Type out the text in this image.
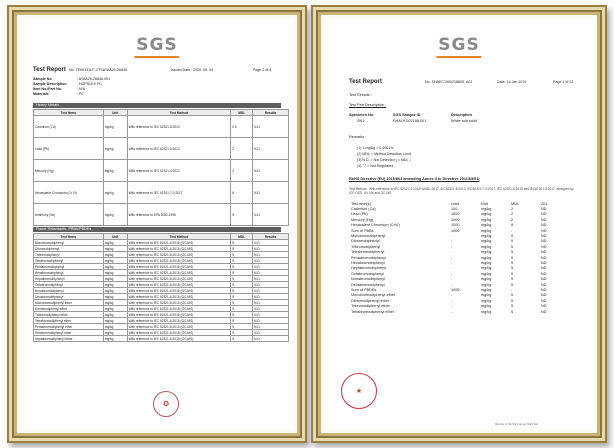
SGS
Test Report No. FE60131LF-CTSAYAA20-26846	Issued Date : 2020. 05. 04	Page 2 of 8
Sample No.	: AYAA20-26846.001
Sample Description	: HOPSLEX PC
Item No./Part No.	: N/A
Materials	: PC
Heavy Metals
Test Items	Unit	Test Method	MDL	Results
Cadmium (Cd)	mg/kg	With reference to IEC 62321-5:2013	0.5	N.D.
Lead (Pb)	mg/kg	With reference to IEC 62321-5:2013	2	N.D.
Mercury (Hg)	mg/kg	With reference to IEC 62321-4:2013	2	N.D.
Hexavalent Chromium (Cr VI)	mg/kg	With reference to IEC 62321-7-2:2017	8	N.D.
Antimony (Sb)	mg/kg	With reference to EPA 3052:1996	5	N.D.
Flame Retardants- PBBs/PBDEs
Test Items	Unit	Test Method	MDL	Results
Monobromobiphenyl	mg/kg	With reference to IEC 62321-6:2015 (GC-MS)	5	N.D.
Dibromobiphenyl	mg/kg	With reference to IEC 62321-6:2015 (GC-MS)	5	N.D.
Tribromobiphenyl	mg/kg	With reference to IEC 62321-6:2015 (GC-MS)	5	N.D.
Tetrabromobiphenyl	mg/kg	With reference to IEC 62321-6:2015 (GC-MS)	5	N.D.
Pentabromobiphenyl	mg/kg	With reference to IEC 62321-6:2015 (GC-MS)	5	N.D.
Hexabromobiphenyl	mg/kg	With reference to IEC 62321-6:2015 (GC-MS)	5	N.D.
Heptabromobiphenyl	mg/kg	With reference to IEC 62321-6:2015 (GC-MS)	5	N.D.
Octabromobiphenyl	mg/kg	With reference to IEC 62321-6:2015 (GC-MS)	5	N.D.
Nonabromobiphenyl	mg/kg	With reference to IEC 62321-6:2015 (GC-MS)	5	N.D.
Decabromobiphenyl	mg/kg	With reference to IEC 62321-6:2015 (GC-MS)	5	N.D.
Monobromodiphenyl ether	mg/kg	With reference to IEC 62321-6:2015 (GC-MS)	5	N.D.
Dibromodiphenyl ether	mg/kg	With reference to IEC 62321-6:2015 (GC-MS)	5	N.D.
Tribromodiphenyl ether	mg/kg	With reference to IEC 62321-6:2015 (GC-MS)	5	N.D.
Tetrabromodiphenyl ether	mg/kg	With reference to IEC 62321-6:2015 (GC-MS)	5	N.D.
Pentabromodiphenyl ether	mg/kg	With reference to IEC 62321-6:2015 (GC-MS)	5	N.D.
Hexabromodiphenyl ether	mg/kg	With reference to IEC 62321-6:2015 (GC-MS)	5	N.D.
Heptabromodiphenyl ether	mg/kg	With reference to IEC 62321-6:2015 (GC-MS)	5	N.D.
✪
SGS
Test Report	No. SHAEC1900218805 .A01	Date: 14 Jan 2019	Page 2 of 22
Test Results :
Test Part Description :
Specimen No.	SGS Sample ID	Description
SN1	SHA19-002188.001	White soft solid
Remarks :
(1) 1 mg/kg = 0.0001%
(2) MDL = Method Detection Limit
(3) N.D. = Not Detected ( < MDL )
(4) "-" = Not Regulated
RoHS Directive (EU) 2015/863 amending Annex II to Directive 2011/65/EU
Test Method : With reference to IEC 62321-4:2013+AMD1:2017, IEC62321-5:2013, IEC62321-7-2:2017, IEC 62321-6:2015 and IEC62321-8:2017, analyzed by ICP-OES, UV-Vis and GC-MS.
Test Item(s)	Limit	Unit	MDL	201
Cadmium (Cd)	100	mg/kg	2	ND
Lead (Pb)	1000	mg/kg	2	ND
Mercury (Hg)	1000	mg/kg	2	ND
Hexavalent Chromium (CrVI)	1000	mg/kg	8	ND
Sum of PBBs	1000	mg/kg	-	ND
Monobromobiphenyl	-	mg/kg	5	ND
Dibromobiphenyl	-	mg/kg	5	ND
Tribromobiphenyl	-	mg/kg	5	ND
Tetrabromobiphenyl	-	mg/kg	5	ND
Pentabromobiphenyl	-	mg/kg	5	ND
Hexabromobiphenyl	-	mg/kg	5	ND
Heptabromobiphenyl	-	mg/kg	5	ND
Octabromobiphenyl	-	mg/kg	5	ND
Nonabromobiphenyl	-	mg/kg	5	ND
Decabromobiphenyl	-	mg/kg	5	ND
Sum of PBDEs	1000	mg/kg	-	ND
Monobromodiphenyl ether	-	mg/kg	5	ND
Dibromodiphenyl ether	-	mg/kg	5	ND
Tribromodiphenyl ether	-	mg/kg	5	ND
Tetrabromodiphenyl ether	-	mg/kg	5	ND
★
Member of the SGS Group (SGS SA)
